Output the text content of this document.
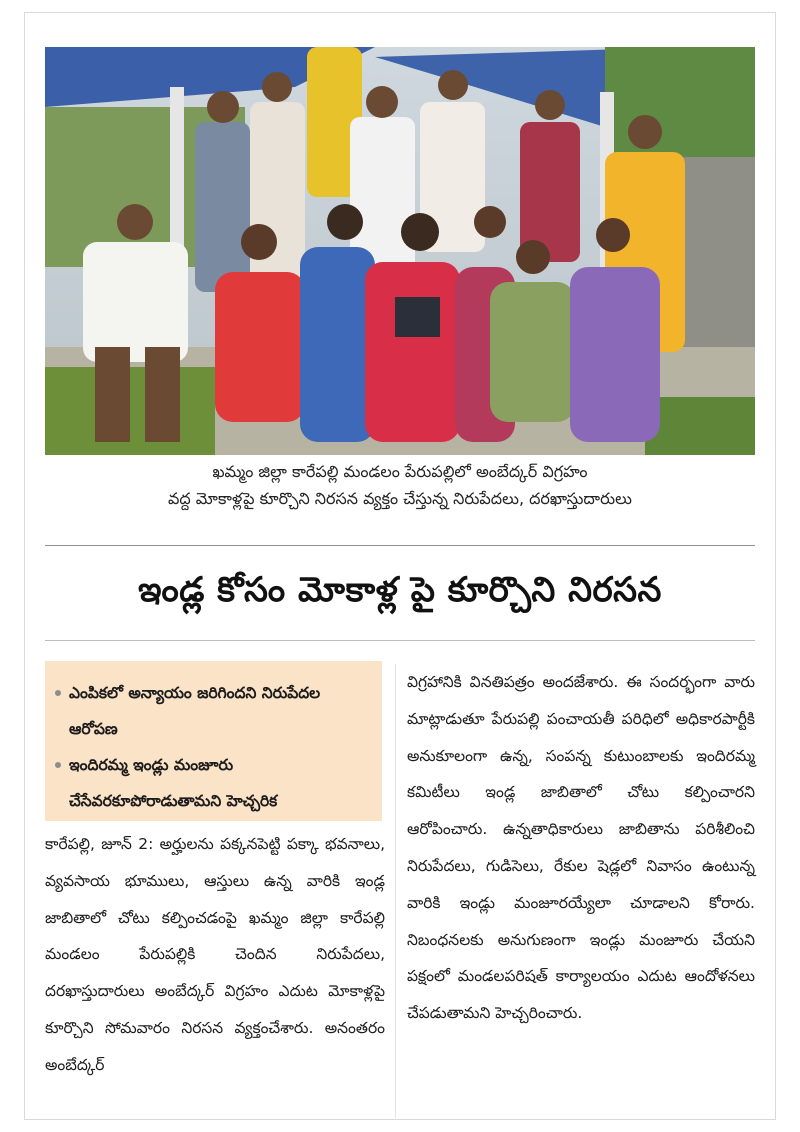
ఖమ్మం జిల్లా కారేపల్లి మండలం పేరుపల్లిలో అంబేద్కర్ విగ్రహం
వద్ద మోకాళ్లపై కూర్చొని నిరసన వ్యక్తం చేస్తున్న నిరుపేదలు, దరఖాస్తుదారులు
ఇండ్ల కోసం మోకాళ్ల పై కూర్చొని నిరసన
ఎంపికలో అన్యాయం జరిగిందని నిరుపేదల ఆరోపణ
ఇందిరమ్మ ఇండ్లు మంజూరు చేసేవరకూపోరాడుతామని హెచ్చరిక
కారేపల్లి, జూన్ 2: అర్హులను పక్కనపెట్టి పక్కా భవనాలు, వ్యవసాయ భూములు, ఆస్తులు ఉన్న వారికి ఇండ్ల జాబితాలో చోటు కల్పించడంపై ఖమ్మం జిల్లా కారేపల్లి మండలం పేరుపల్లికి చెందిన నిరుపేదలు, దరఖాస్తుదారులు అంబేద్కర్ విగ్రహం ఎదుట మోకాళ్లపై కూర్చొని సోమవారం నిరసన వ్యక్తంచేశారు. అనంతరం అంబేద్కర్
విగ్రహానికి వినతిపత్రం అందజేశారు. ఈ సందర్భంగా వారు మాట్లాడుతూ పేరుపల్లి పంచాయతీ పరిధిలో అధికారపార్టీకి అనుకూలంగా ఉన్న, సంపన్న కుటుంబాలకు ఇందిరమ్మ కమిటీలు ఇండ్ల జాబితాలో చోటు కల్పించారని ఆరోపించారు. ఉన్నతాధికారులు జాబితాను పరిశీలించి నిరుపేదలు, గుడిసెలు, రేకుల షెడ్లలో నివాసం ఉంటున్న వారికి ఇండ్లు మంజూరయ్యేలా చూడాలని కోరారు. నిబంధనలకు అనుగుణంగా ఇండ్లు మంజూరు చేయని పక్షంలో మండలపరిషత్ కార్యాలయం ఎదుట ఆందోళనలు చేపడుతామని హెచ్చరించారు.
